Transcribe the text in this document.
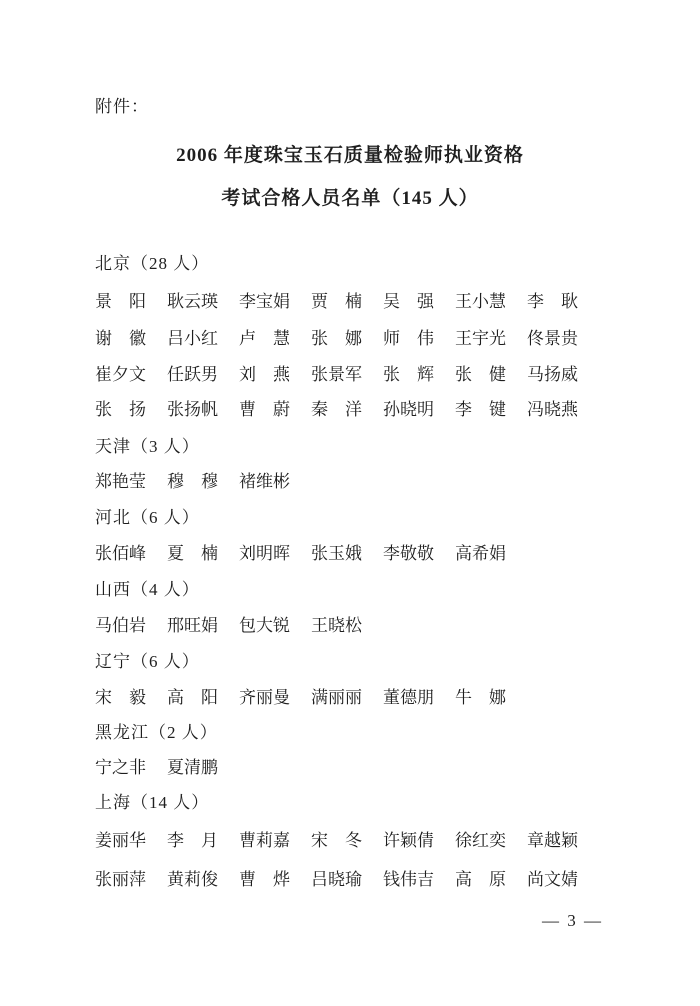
附件：
2006 年度珠宝玉石质量检验师执业资格
考试合格人员名单（145 人）
北京（28 人）
景阳 耿云瑛 李宝娟 贾楠 吴强 王小慧 李耿
谢徽 吕小红 卢慧 张娜 师伟 王宇光 佟景贵
崔夕文 任跃男 刘燕 张景军 张辉 张健 马扬威
张扬 张扬帆 曹蔚 秦洋 孙晓明 李键 冯晓燕
天津（3 人）
郑艳莹 穆穆 褚维彬
河北（6 人）
张佰峰 夏楠 刘明晖 张玉娥 李敬敬 高希娟
山西（4 人）
马伯岩 邢旺娟 包大锐 王晓松
辽宁（6 人）
宋毅 高阳 齐丽曼 满丽丽 董德朋 牛娜
黑龙江（2 人）
宁之非 夏清鹏
上海（14 人）
姜丽华 李月 曹莉嘉 宋冬 许颖倩 徐红奕 章越颖
张丽萍 黄莉俊 曹烨 吕晓瑜 钱伟吉 高原 尚文婧
— 3 —
